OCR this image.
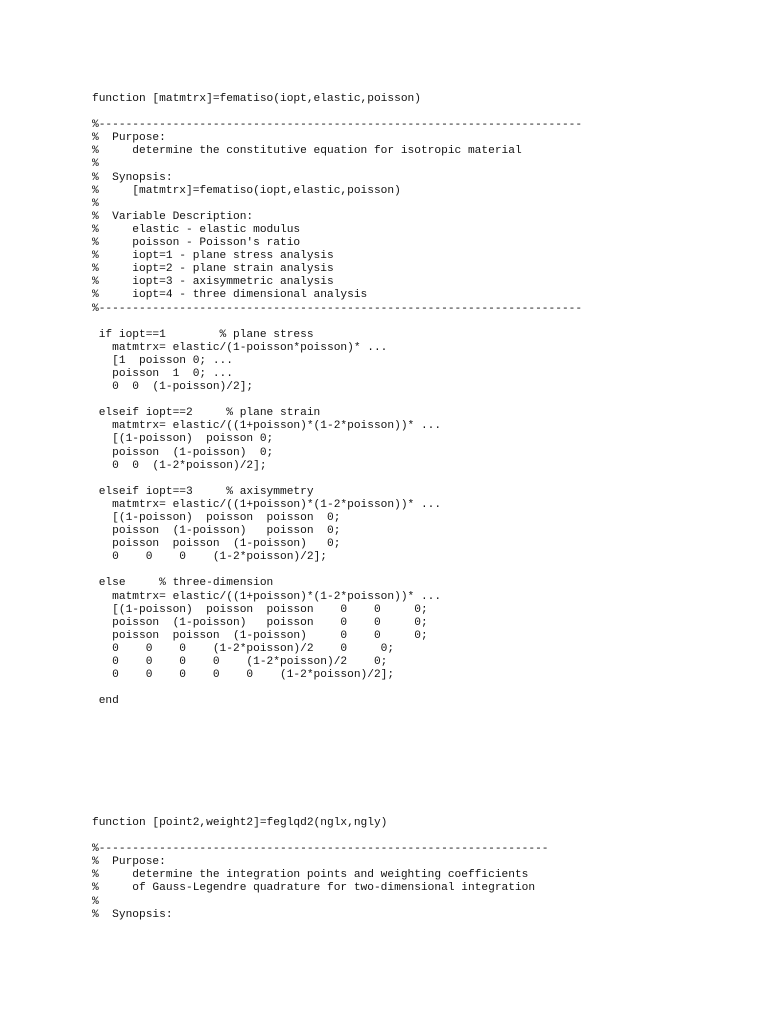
function [matmtrx]=fematiso(iopt,elastic,poisson)

%------------------------------------------------------------------------
%  Purpose:
%     determine the constitutive equation for isotropic material
%
%  Synopsis:
%     [matmtrx]=fematiso(iopt,elastic,poisson)
%
%  Variable Description:
%     elastic - elastic modulus
%     poisson - Poisson's ratio
%     iopt=1 - plane stress analysis
%     iopt=2 - plane strain analysis
%     iopt=3 - axisymmetric analysis
%     iopt=4 - three dimensional analysis
%------------------------------------------------------------------------

if iopt==1        % plane stress
matmtrx= elastic/(1-poisson*poisson)* ...
[1  poisson 0; ...
poisson  1  0; ...
0  0  (1-poisson)/2];

elseif iopt==2     % plane strain
matmtrx= elastic/((1+poisson)*(1-2*poisson))* ...
[(1-poisson)  poisson 0;
poisson  (1-poisson)  0;
0  0  (1-2*poisson)/2];

elseif iopt==3     % axisymmetry
matmtrx= elastic/((1+poisson)*(1-2*poisson))* ...
[(1-poisson)  poisson  poisson  0;
poisson  (1-poisson)   poisson  0;
poisson  poisson  (1-poisson)   0;
0    0    0    (1-2*poisson)/2];

else     % three-dimension
matmtrx= elastic/((1+poisson)*(1-2*poisson))* ...
[(1-poisson)  poisson  poisson    0    0     0;
poisson  (1-poisson)   poisson    0    0     0;
poisson  poisson  (1-poisson)     0    0     0;
0    0    0    (1-2*poisson)/2    0     0;
0    0    0    0    (1-2*poisson)/2    0;
0    0    0    0    0    (1-2*poisson)/2];

end
function [point2,weight2]=feglqd2(nglx,ngly)

%-------------------------------------------------------------------
%  Purpose:
%     determine the integration points and weighting coefficients
%     of Gauss-Legendre quadrature for two-dimensional integration
%
%  Synopsis:
